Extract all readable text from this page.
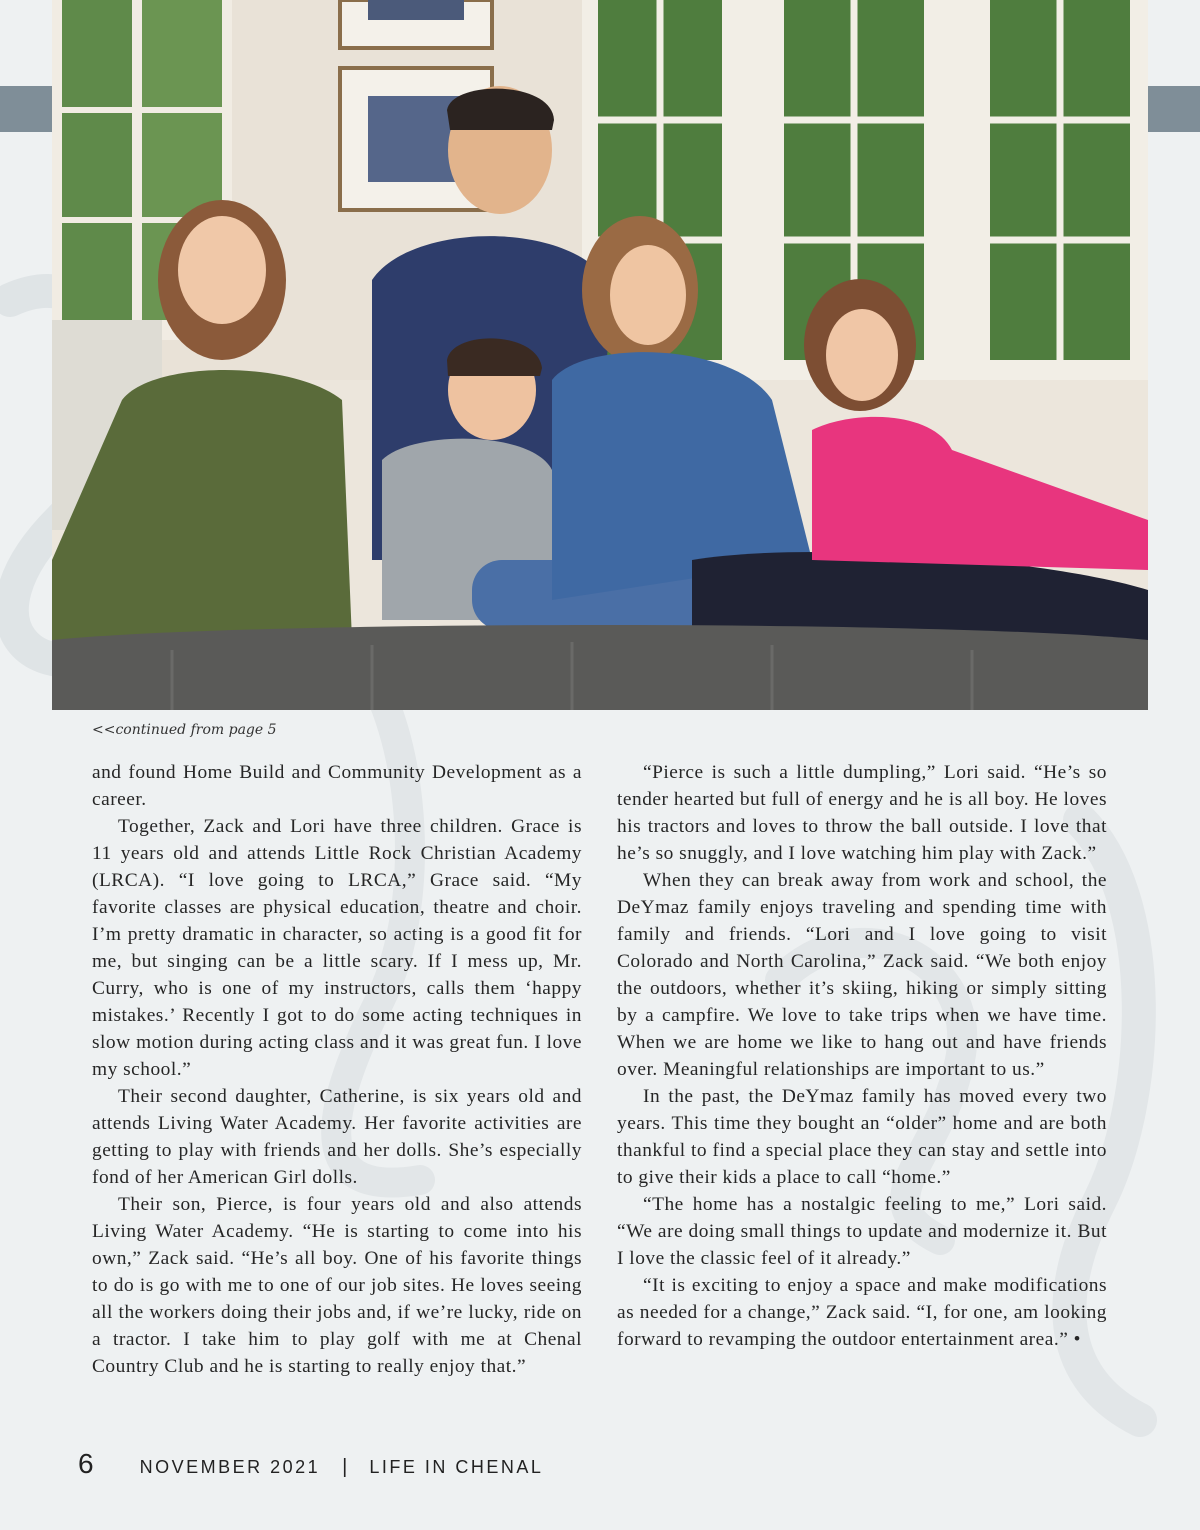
<<continued from page 5

and found Home Build and Community Development as a career.

Together, Zack and Lori have three children. Grace is 11 years old and attends Little Rock Christian Academy (LRCA). “I love going to LRCA,” Grace said. “My favorite classes are physical education, theatre and choir. I’m pretty dramatic in character, so acting is a good fit for me, but singing can be a little scary. If I mess up, Mr. Curry, who is one of my instructors, calls them ‘happy mistakes.’ Recently I got to do some acting techniques in slow motion during acting class and it was great fun. I love my school.”

Their second daughter, Catherine, is six years old and attends Living Water Academy. Her favorite activities are getting to play with friends and her dolls. She’s especially fond of her American Girl dolls.

Their son, Pierce, is four years old and also attends Living Water Academy. “He is starting to come into his own,” Zack said. “He’s all boy. One of his favorite things to do is go with me to one of our job sites. He loves seeing all the workers doing their jobs and, if we’re lucky, ride on a tractor. I take him to play golf with me at Chenal Country Club and he is starting to really enjoy that.”

“Pierce is such a little dumpling,” Lori said. “He’s so tender hearted but full of energy and he is all boy. He loves his tractors and loves to throw the ball outside. I love that he’s so snuggly, and I love watching him play with Zack.”

When they can break away from work and school, the DeYmaz family enjoys traveling and spending time with family and friends. “Lori and I love going to visit Colorado and North Carolina,” Zack said. “We both enjoy the outdoors, whether it’s skiing, hiking or simply sitting by a campfire. We love to take trips when we have time. When we are home we like to hang out and have friends over. Meaningful relationships are important to us.”

In the past, the DeYmaz family has moved every two years. This time they bought an “older” home and are both thankful to find a special place they can stay and settle into to give their kids a place to call “home.”

“The home has a nostalgic feeling to me,” Lori said. “We are doing small things to update and modernize it. But I love the classic feel of it already.”

“It is exciting to enjoy a space and make modifications as needed for a change,” Zack said. “I, for one, am looking forward to revamping the outdoor entertainment area.” •

6	NOVEMBER 2021 | LIFE IN CHENAL
